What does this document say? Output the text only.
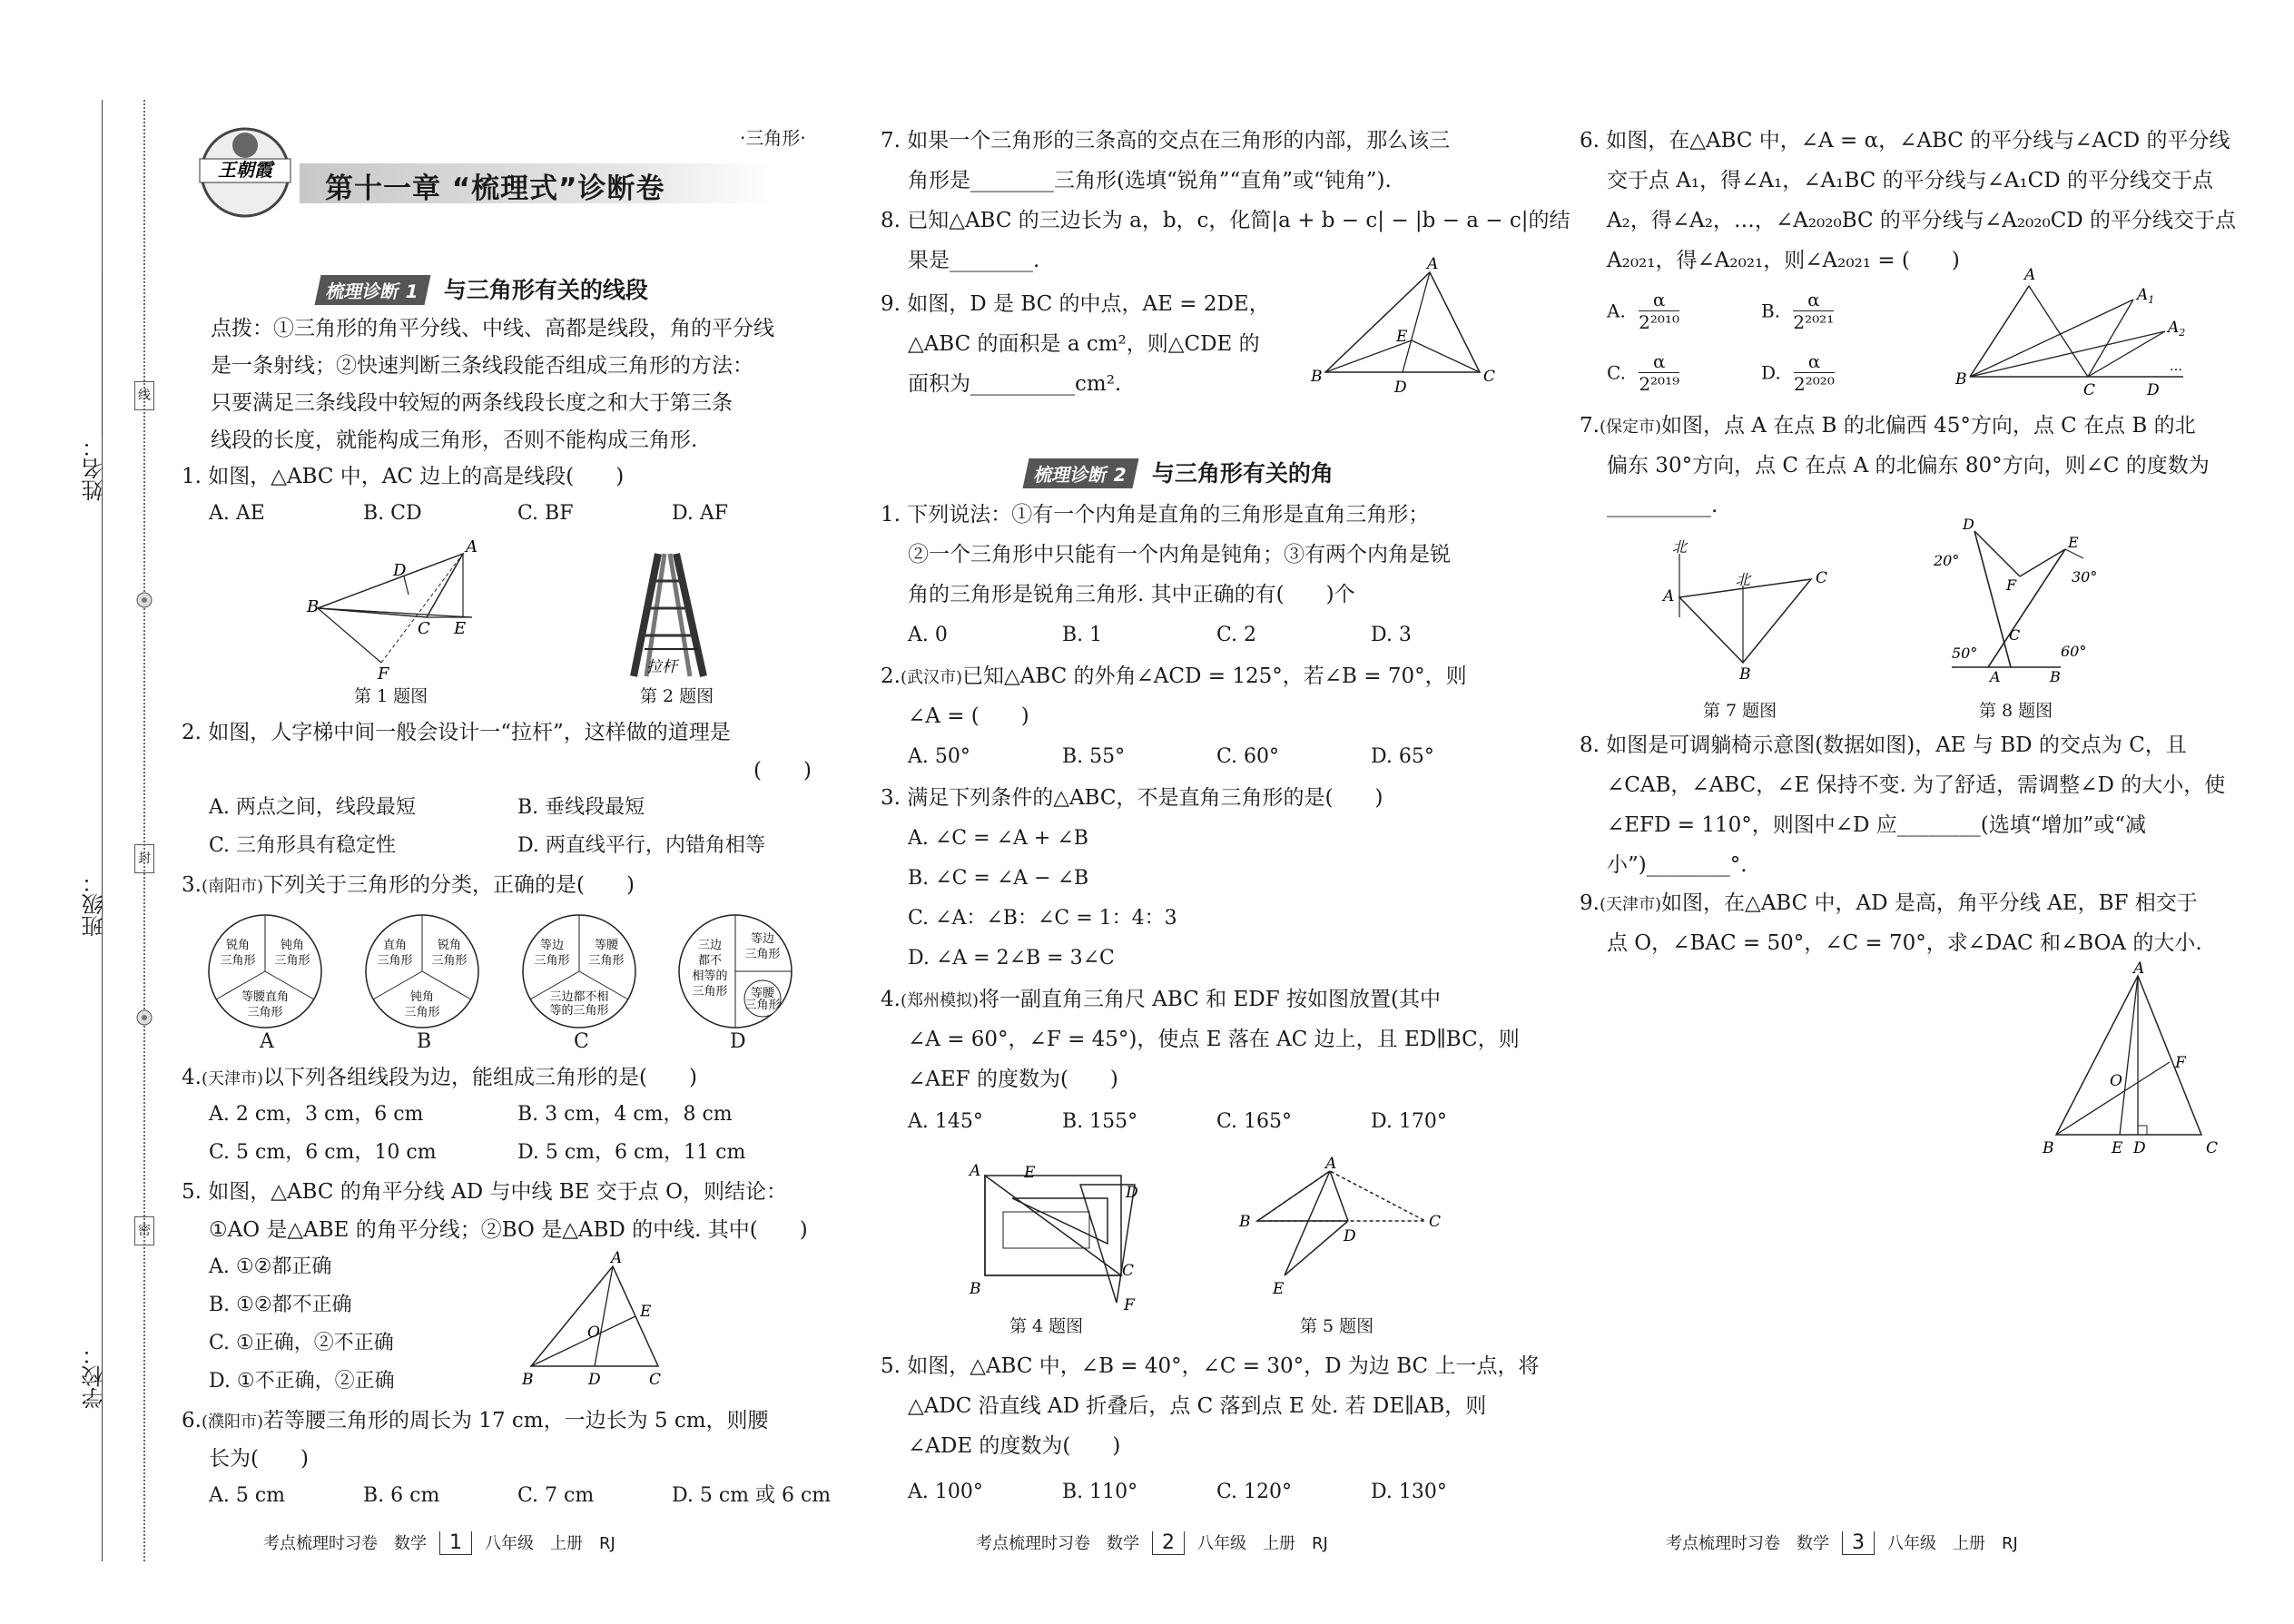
姓名：
班级：
学校：
线
封
密
王朝霞
第十一章 “梳理式”诊断卷
·三角形·
梳理诊断 1 与三角形有关的线段
点拨：①三角形的角平分线、中线、高都是线段，角的平分线
是一条射线；②快速判断三条线段能否组成三角形的方法：
只要满足三条线段中较短的两条线段长度之和大于第三条
线段的长度，就能构成三角形，否则不能构成三角形.
1. 如图，△ABC 中，AC 边上的高是线段(　　)
A. AE	B. CD	C. BF	D. AF
B
A
D
C E
F
第 1 题图
拉杆
第 2 题图
2. 如图，人字梯中间一般会设计一“拉杆”，这样做的道理是
(　　)
A. 两点之间，线段最短	B. 垂线段最短
C. 三角形具有稳定性	D. 两直线平行，内错角相等
3.(南阳市)下列关于三角形的分类，正确的是(　　)
锐角
三角形
钝角
三角形
等腰直角
三角形
直角
三角形
锐角
三角形
钝角
三角形
等边
三角形
等腰
三角形
三边都不相
等的三角形
三边
都不
相等的
三角形
等边
三角形
等腰
三角形
A	B	C	D
4.(天津市)以下列各组线段为边，能组成三角形的是(　　)
A. 2 cm，3 cm，6 cm	B. 3 cm，4 cm，8 cm
C. 5 cm，6 cm，10 cm	D. 5 cm，6 cm，11 cm
5. 如图，△ABC 的角平分线 AD 与中线 BE 交于点 O，则结论：
①AO 是△ABE 的角平分线；②BO 是△ABD 的中线. 其中(　　)
A. ①②都正确
B. ①②都不正确
C. ①正确，②不正确
D. ①不正确，②正确
A
B	D	C
E
O
6.(濮阳市)若等腰三角形的周长为 17 cm，一边长为 5 cm，则腰
长为(　　)
A. 5 cm	B. 6 cm	C. 7 cm	D. 5 cm 或 6 cm
考点梳理时习卷　数学 1 八年级　上册　RJ
7. 如果一个三角形的三条高的交点在三角形的内部，那么该三
角形是________三角形(选填“锐角”“直角”或“钝角”).
8. 已知△ABC 的三边长为 a，b，c，化简|a + b − c| − |b − a − c|的结
果是________.
9. 如图，D 是 BC 的中点，AE = 2DE，
△ABC 的面积是 a cm²，则△CDE 的
面积为__________cm².
A
B
D
C
E
梳理诊断 2 与三角形有关的角
1. 下列说法：①有一个内角是直角的三角形是直角三角形；
②一个三角形中只能有一个内角是钝角；③有两个内角是锐
角的三角形是锐角三角形. 其中正确的有(　　)个
A. 0	B. 1	C. 2	D. 3
2.(武汉市)已知△ABC 的外角∠ACD = 125°，若∠B = 70°，则
∠A = (　　)
A. 50°	B. 55°	C. 60°	D. 65°
3. 满足下列条件的△ABC，不是直角三角形的是(　　)
A. ∠C = ∠A + ∠B
B. ∠C = ∠A − ∠B
C. ∠A：∠B：∠C = 1：4：3
D. ∠A = 2∠B = 3∠C
4.(郑州模拟)将一副直角三角尺 ABC 和 EDF 按如图放置(其中
∠A = 60°，∠F = 45°)，使点 E 落在 AC 边上，且 ED∥BC，则
∠AEF 的度数为(　　)
A. 145°	B. 155°	C. 165°	D. 170°
A	E
D
B
C
F
第 4 题图
A
B
D
C
E
第 5 题图
5. 如图，△ABC 中，∠B = 40°，∠C = 30°，D 为边 BC 上一点，将
△ADC 沿直线 AD 折叠后，点 C 落到点 E 处. 若 DE∥AB，则
∠ADE 的度数为(　　)
A. 100°	B. 110°	C. 120°	D. 130°
考点梳理时习卷　数学 2 八年级　上册　RJ
6. 如图，在△ABC 中，∠A = α，∠ABC 的平分线与∠ACD 的平分线
交于点 A₁，得∠A₁，∠A₁BC 的平分线与∠A₁CD 的平分线交于点
A₂，得∠A₂，…，∠A₂₀₂₀BC 的平分线与∠A₂₀₂₀CD 的平分线交于点
A₂₀₂₁，得∠A₂₀₂₁，则∠A₂₀₂₁ = (　　)
A. $\frac{\alpha}{\text{2²⁰¹⁰}}$	B. $\frac{\alpha}{\text{2²⁰²¹}}$
C. $\frac{\alpha}{\text{2²⁰¹⁹}}$	D. $\frac{\alpha}{\text{2²⁰²⁰}}$
A
$A_1$
$A_2$
B
C	D
…
7.(保定市)如图，点 A 在点 B 的北偏西 45°方向，点 C 在点 B 的北
偏东 30°方向，点 C 在点 A 的北偏东 80°方向，则∠C 的度数为
__________.
北
北
A
C
B
第 7 题图
D
E
F
C
A	B
20°
30°
50°	60°
第 8 题图
8. 如图是可调躺椅示意图(数据如图)，AE 与 BD 的交点为 C，且
∠CAB，∠ABC，∠E 保持不变. 为了舒适，需调整∠D 的大小，使
∠EFD = 110°，则图中∠D 应________(选填“增加”或“减
小”)________°.
9.(天津市)如图，在△ABC 中，AD 是高，角平分线 AE，BF 相交于
点 O，∠BAC = 50°，∠C = 70°，求∠DAC 和∠BOA 的大小.
A
B	E D	C
F
O
考点梳理时习卷　数学 3 八年级　上册　RJ
